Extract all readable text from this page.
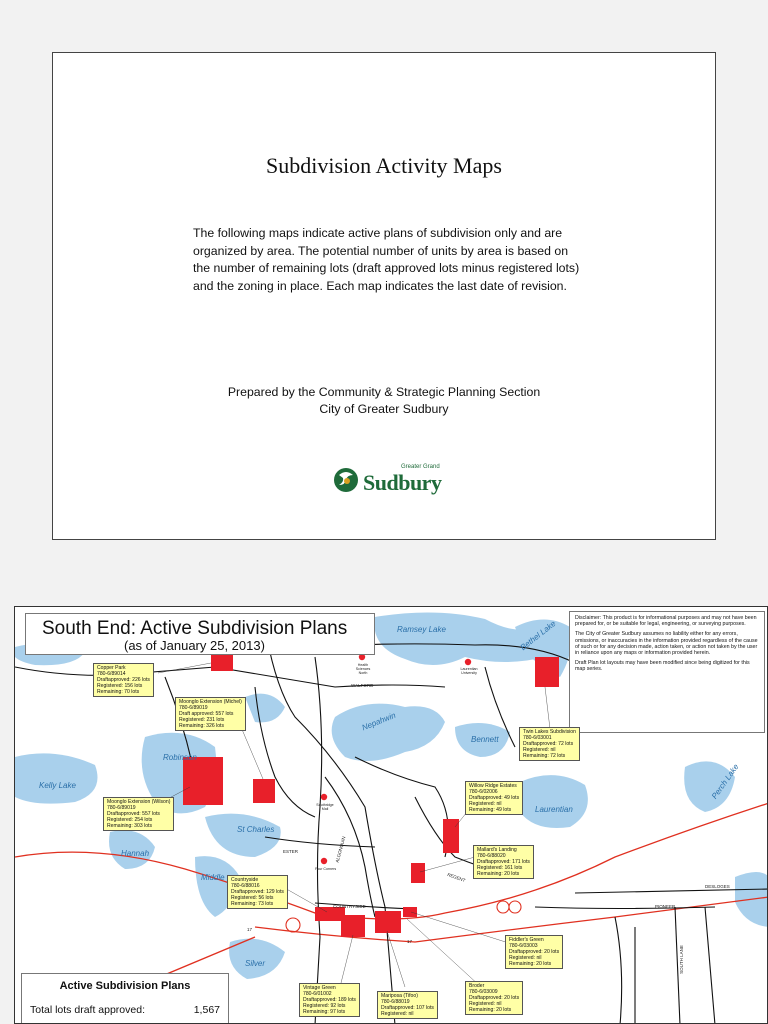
Subdivision Activity Maps
The following maps indicate active plans of subdivision only and are organized by area. The potential number of units by area is based on the number of remaining lots (draft approved lots minus registered lots) and the zoning in place. Each map indicates the last date of revision.
Prepared by the Community & Strategic Planning Section
City of Greater Sudbury
Greater Grand
Sudbury
South End: Active Subdivision Plans
(as of January 25, 2013)

Disclaimer: This product is for informational purposes and may not have been prepared for, or be suitable for legal, engineering, or surveying purposes.

The City of Greater Sudbury assumes no liability either for any errors, omissions, or inaccuracies in the information provided regardless of the cause of such or for any decision made, action taken, or action not taken by the user in reliance upon any maps or information provided herein.

Draft Plan lot layouts may have been modified since being digitized for this map series.

Ramsey Lake	Bethel Lake
Nepahwin
Bennett
Robinson
Kelly Lake
St Charles
Hannah
Middle
Laurentian
Perch Lake
Silver
WALFORD
ESTER
REGENT
ALGONQUIN
COUNTRYSIDE
DESLOGES
PIONEER
SOUTH LANE
17
17
Health Sciences North
Laurentian University
Southridge Mall
Four Corners
Copper Park
780-6/89014
Draftapproved: 226 lots
Registered: 156 lots
Remaining: 70 lots
Moonglo Extension (Michel)
780-6/89019
Draft approved: 557 lots
Registered: 231 lots
Remaining: 326 lots
Moonglo Extension (Wilson)
780-6/89019
Draftapproved: 557 lots
Registered: 254 lots
Remaining: 303 lots
Twin Lakes Subdivision
780-6/03001
Draftapproved: 72 lots
Registered: nil
Remaining: 72 lots
Willow Ridge Estates
780-6/02006
Draftapproved: 49 lots
Registered: nil
Remaining: 49 lots
Mallard's Landing
780-6/88020
Draftapproved: 171 lots
Registered: 161 lots
Remaining: 20 lots
Countryside
780-6/88016
Draftapproved: 129 lots
Registered: 56 lots
Remaining: 73 lots
Fiddler's Green
780-6/03003
Draftapproved: 20 lots
Registered: nil
Remaining: 20 lots
Broder
780-6/03009
Draftapproved: 20 lots
Registered: nil
Remaining: 20 lots
Vintage Green
780-6/01002
Draftapproved: 189 lots
Registered: 92 lots
Remaining: 97 lots
Mariposa (Tifoo)
780-6/88019
Draftapproved: 107 lots
Registered: nil
Active Subdivision Plans
Total lots draft approved:	1,567
